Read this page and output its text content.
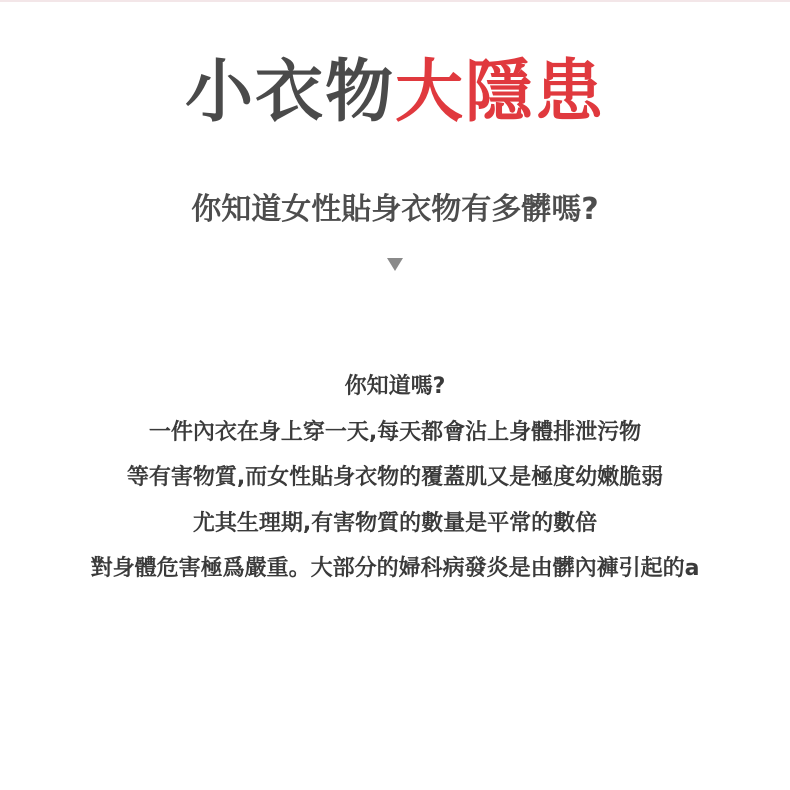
小衣物大隱患
你知道女性貼身衣物有多髒嗎?
你知道嗎?
一件內衣在身上穿一天,每天都會沾上身體排泄污物
等有害物質,而女性貼身衣物的覆蓋肌又是極度幼嫩脆弱
尤其生理期,有害物質的數量是平常的數倍
對身體危害極爲嚴重。大部分的婦科病發炎是由髒內褲引起的a
